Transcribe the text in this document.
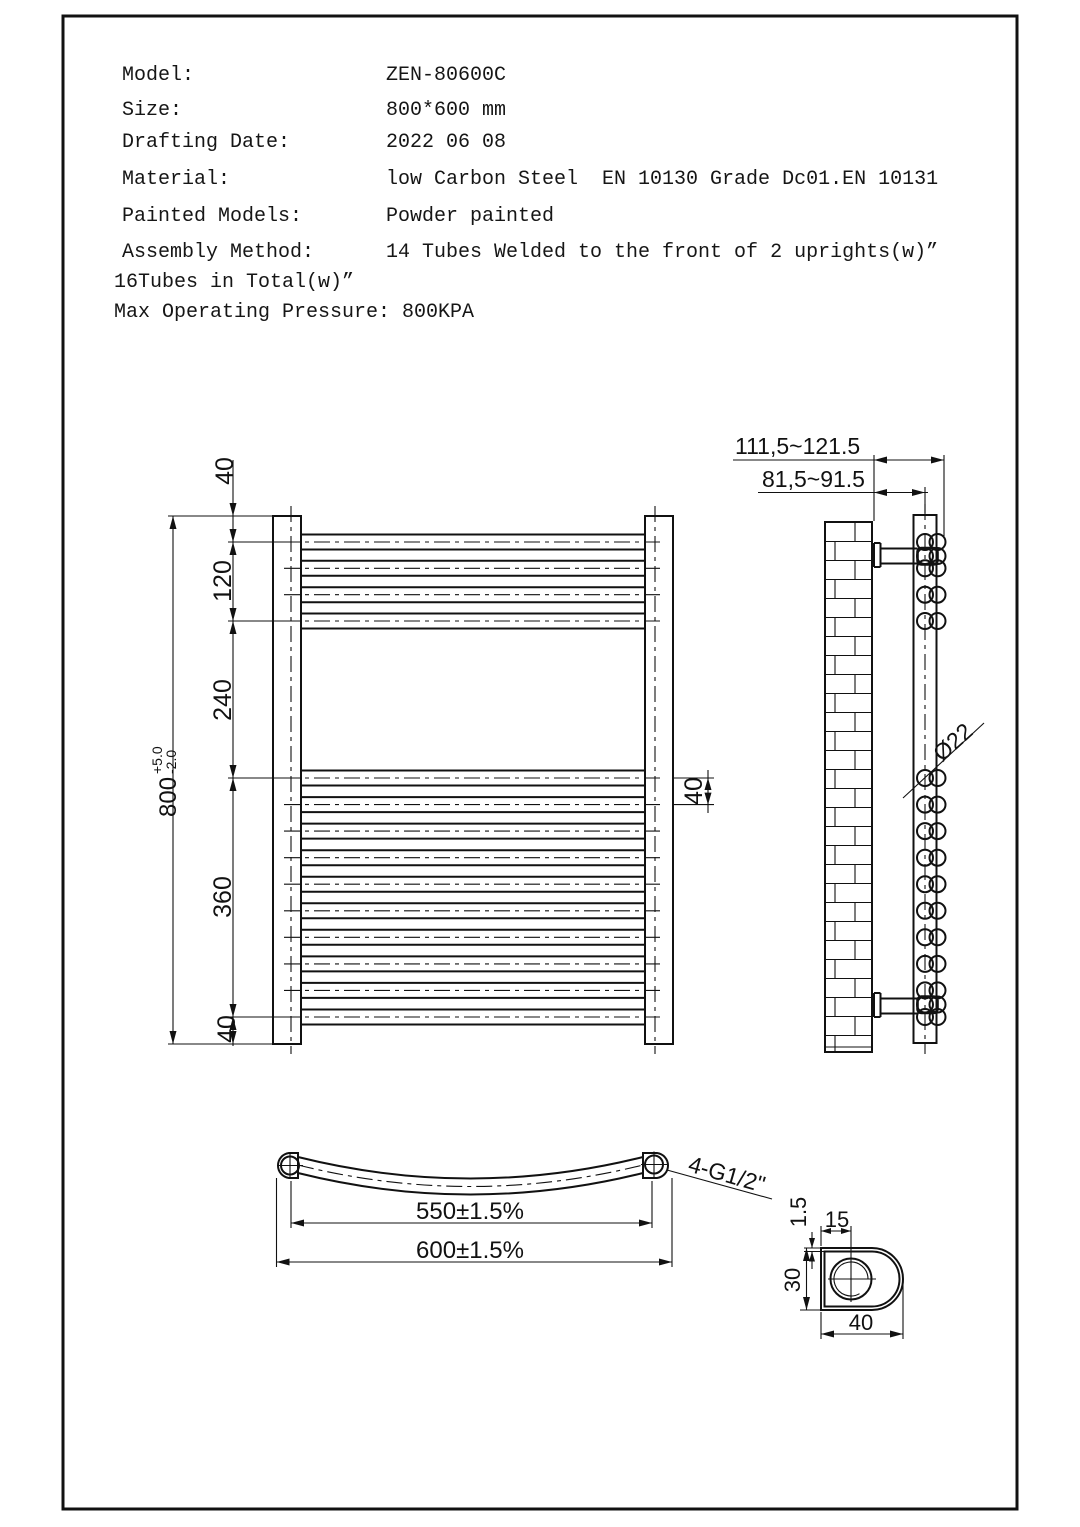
Model:	ZEN-80600C
Size:	800*600 mm
Drafting Date:	2022 06 08
Material:	low Carbon Steel  EN 10130 Grade Dc01.EN 10131
Painted Models:	Powder painted
Assembly Method:	14 Tubes Welded to the front of 2 uprights(w)”
16Tubes in Total(w)”
Max Operating Pressure: 800KPA
800
+5.0
-2.0
40
120
240
360
40
40
111,5~121.5
81,5~91.5
Ø22
550±1.5%
600±1.5%
4-G1/2"
15
1.5
30
40
